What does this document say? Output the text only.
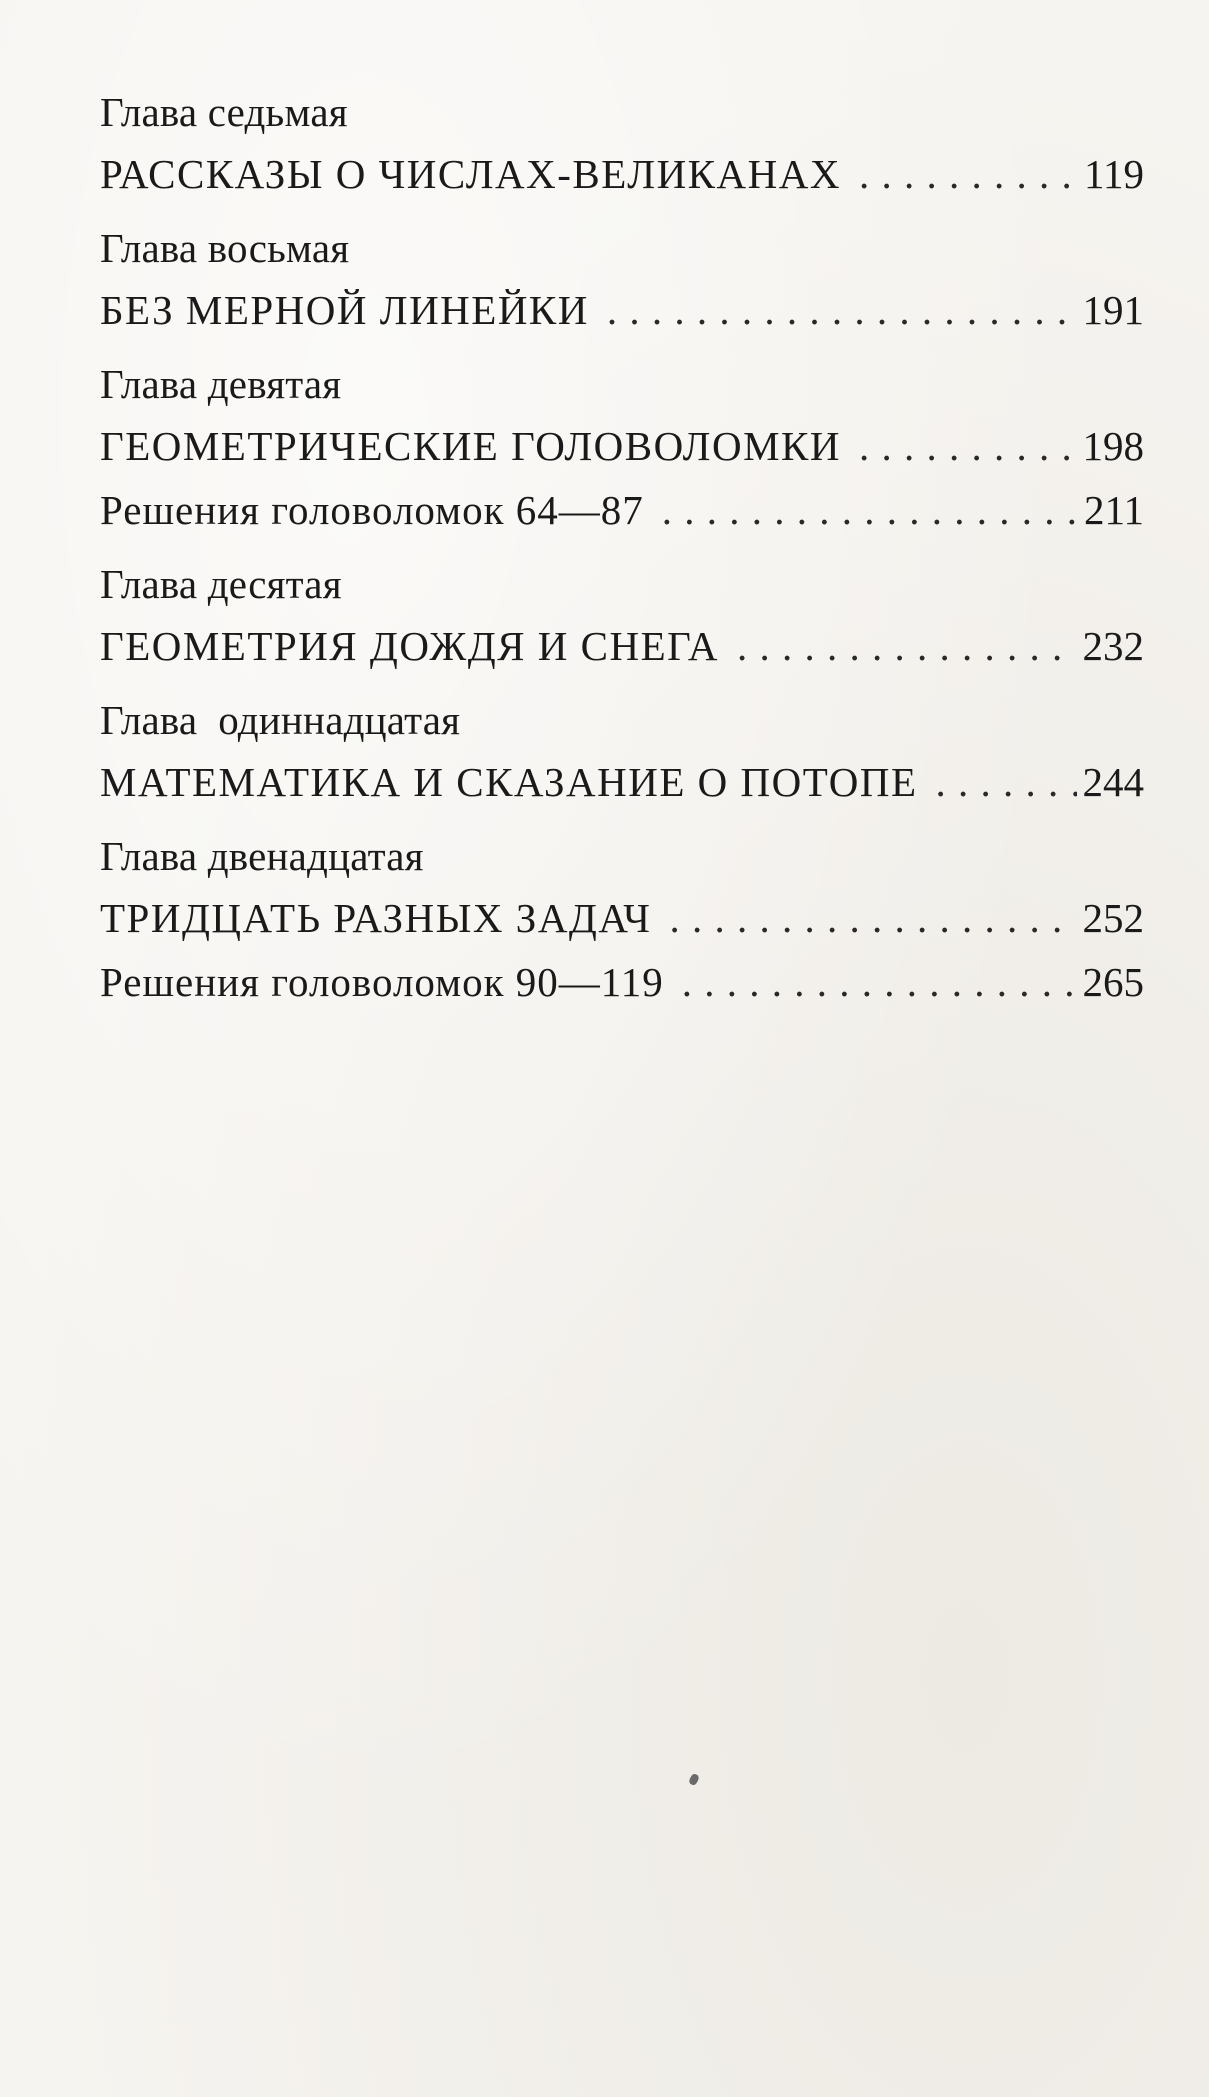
Глава седьмая
РАССКАЗЫ О ЧИСЛАХ-ВЕЛИКАНАХ . . .	119
Глава восьмая
БЕЗ МЕРНОЙ ЛИНЕЙКИ . . .	191
Глава девятая
ГЕОМЕТРИЧЕСКИЕ ГОЛОВОЛОМКИ . . .	198
Решения головоломок 64—87 . . .	211
Глава десятая
ГЕОМЕТРИЯ ДОЖДЯ И СНЕГА . . .	232
Глава  одиннадцатая
МАТЕМАТИКА И СКАЗАНИЕ О ПОТОПЕ . . .	244
Глава двенадцатая
ТРИДЦАТЬ РАЗНЫХ ЗАДАЧ . . .	252
Решения головоломок 90—119 . . .	265
